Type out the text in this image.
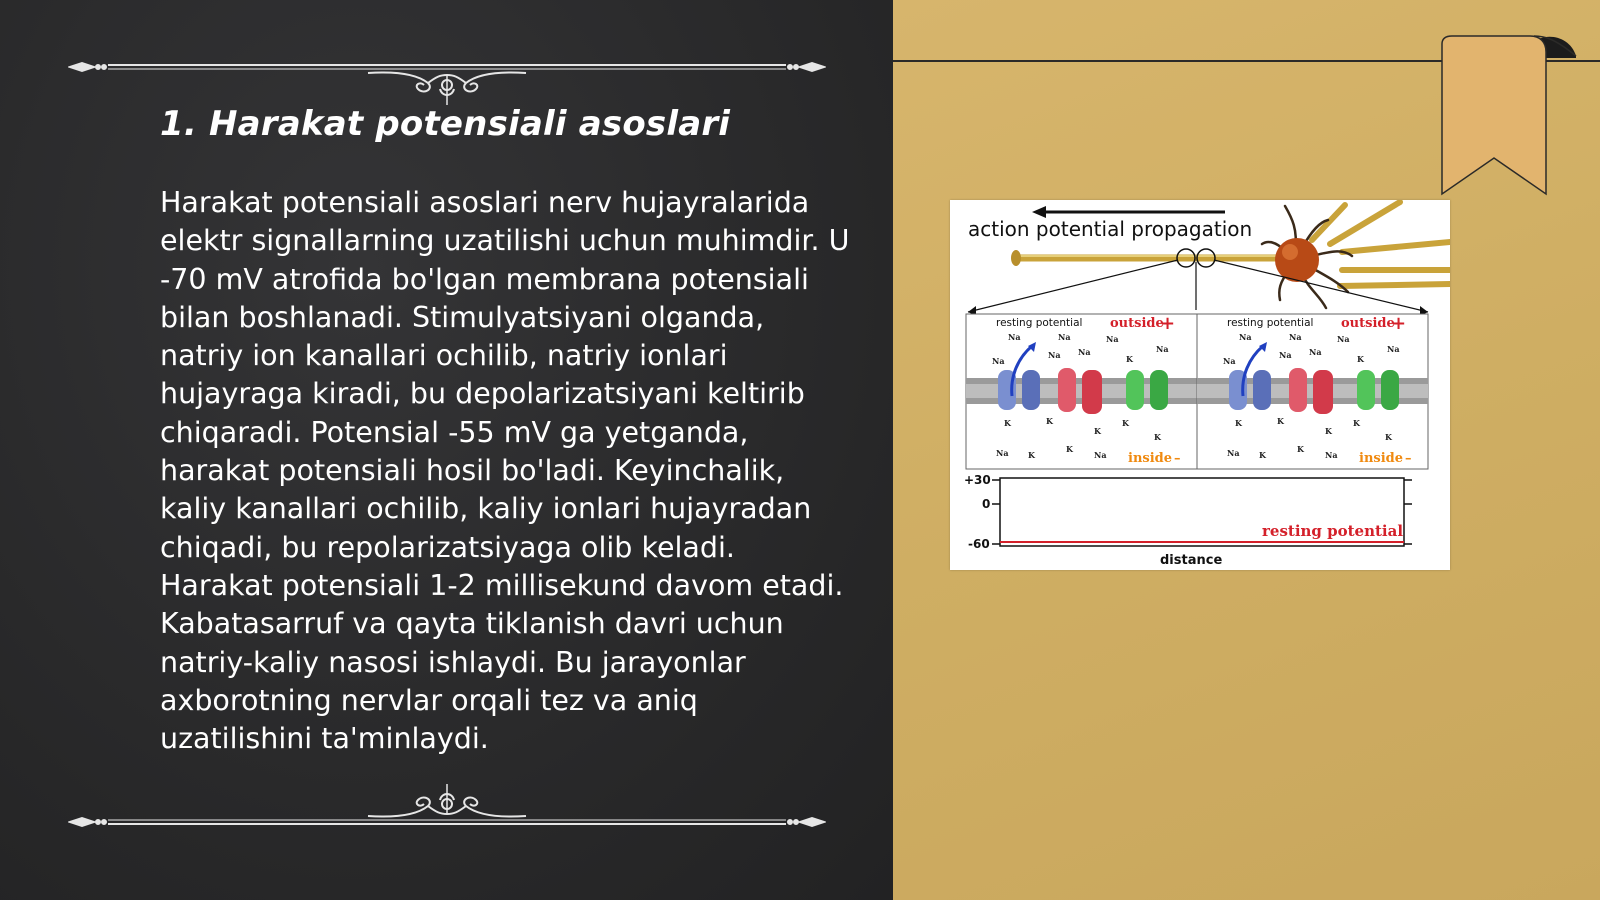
1. Harakat potensiali asoslari

Harakat potensiali asoslari nerv hujayralarida elektr signallarning uzatilishi uchun muhimdir. U -70 mV atrofida bo'lgan membrana potensiali bilan boshlanadi. Stimulyatsiyani olganda, natriy ion kanallari ochilib, natriy ionlari hujayraga kiradi, bu depolarizatsiyani keltirib chiqaradi. Potensial -55 mV ga yetganda, harakat potensiali hosil bo'ladi. Keyinchalik, kaliy kanallari ochilib, kaliy ionlari hujayradan chiqadi, bu repolarizatsiyaga olib keladi. Harakat potensiali 1-2 millisekund davom etadi. Kabatasarruf va qayta tiklanish davri uchun natriy-kaliy nasosi ishlaydi. Bu jarayonlar axborotning nervlar orqali tez va aniq uzatilishini ta'minlaydi.

action potential propagation
resting potential outside
+
inside –
Na	Na	Na
Na
Na
Na
Na
K
K	K
K
K
K
K
K
Na	Na
resting potential outside
+
inside –
Na	Na	Na
Na
Na
Na
Na
K
K	K
K
K
K
K
K
Na	Na
+30
0
-60
resting potential
distance
